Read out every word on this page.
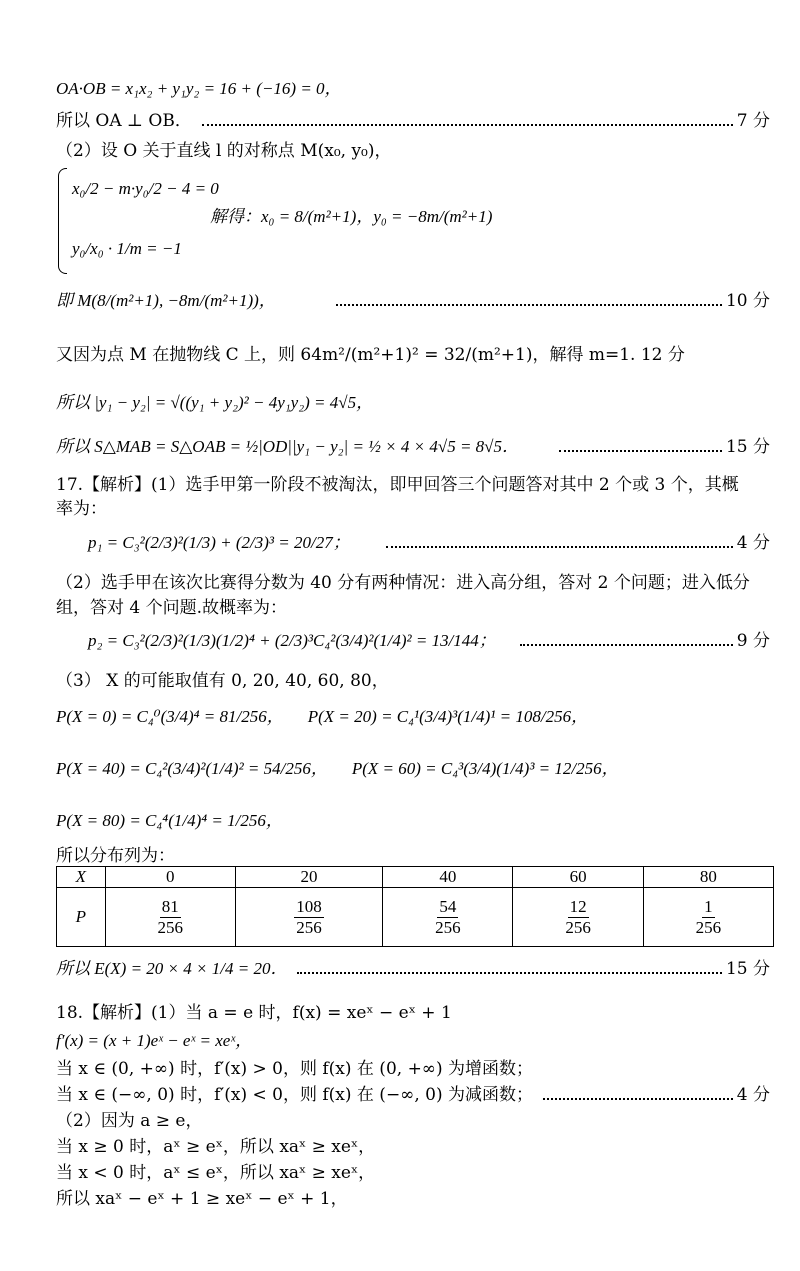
OA·OB = x₁x₂ + y₁y₂ = 16 + (−16) = 0，
所以 OA ⊥ OB．	7 分
（2）设 O 关于直线 l 的对称点 M(x₀, y₀)，
x₀/2 − m·y₀/2 − 4 = 0
解得：x₀ = 8/(m²+1)，y₀ = −8m/(m²+1)
y₀/x₀ · 1/m = −1
即 M(8/(m²+1), −8m/(m²+1))，	10 分
又因为点 M 在抛物线 C 上，则 64m²/(m²+1)² = 32/(m²+1)，解得 m=1. 12 分
所以 |y₁ − y₂| = √((y₁ + y₂)² − 4y₁y₂) = 4√5，
所以 S△MAB = S△OAB = ½|OD||y₁ − y₂| = ½ × 4 × 4√5 = 8√5．	15 分
17.【解析】(1）选手甲第一阶段不被淘汰，即甲回答三个问题答对其中 2 个或 3 个，其概
率为：
p₁ = C₃²(2/3)²(1/3) + (2/3)³ = 20/27；	4 分
（2）选手甲在该次比赛得分数为 40 分有两种情况：进入高分组，答对 2 个问题；进入低分
组，答对 4 个问题.故概率为：
p₂ = C₃²(2/3)²(1/3)(1/2)⁴ + (2/3)³C₄²(3/4)²(1/4)² = 13/144；	9 分
（3） X 的可能取值有 0, 20, 40, 60, 80，
P(X = 0) = C₄⁰(3/4)⁴ = 81/256， P(X = 20) = C₄¹(3/4)³(1/4)¹ = 108/256，
P(X = 40) = C₄²(3/4)²(1/4)² = 54/256， P(X = 60) = C₄³(3/4)(1/4)³ = 12/256，
P(X = 80) = C₄⁴(1/4)⁴ = 1/256，
所以分布列为：
X	0	20	40	60	80
P	$\frac{81}{256}$	$\frac{108}{256}$	$\frac{54}{256}$	$\frac{12}{256}$	$\frac{1}{256}$
所以 E(X) = 20 × 4 × 1/4 = 20．	15 分
18.【解析】(1）当 a = e 时，f(x) = xeˣ − eˣ + 1
f′(x) = (x + 1)eˣ − eˣ = xeˣ，
当 x ∈ (0, +∞) 时，f′(x) > 0，则 f(x) 在 (0, +∞) 为增函数；
当 x ∈ (−∞, 0) 时，f′(x) < 0，则 f(x) 在 (−∞, 0) 为减函数；	4 分
（2）因为 a ≥ e，
当 x ≥ 0 时，aˣ ≥ eˣ，所以 xaˣ ≥ xeˣ，
当 x < 0 时，aˣ ≤ eˣ，所以 xaˣ ≥ xeˣ，
所以 xaˣ − eˣ + 1 ≥ xeˣ − eˣ + 1，
